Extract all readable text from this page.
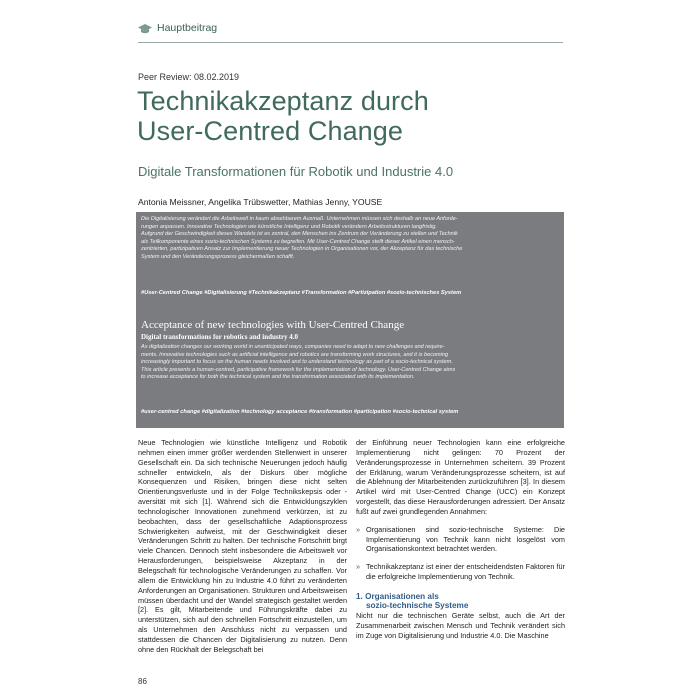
Hauptbeitrag
Peer Review: 08.02.2019
Technikakzeptanz durch
User-Centred Change
Digitale Transformationen für Robotik und Industrie 4.0
Antonia Meissner, Angelika Trübswetter, Mathias Jenny, YOUSE

Die Digitalisierung verändert die Arbeitswelt in kaum absehbarem Ausmaß. Unternehmen müssen sich deshalb an neue Anforde-

rungen anpassen. Innovative Technologien wie künstliche Intelligenz und Robotik verändern Arbeitsstrukturen langfristig.

Aufgrund der Geschwindigkeit dieses Wandels ist es zentral, den Menschen ins Zentrum der Veränderung zu stellen und Technik

als Teilkomponente eines sozio-technischen Systems zu begreifen. Mit User-Centred Change stellt dieser Artikel einen mensch-

zentrierten, partizipativen Ansatz zur Implementierung neuer Technologien in Organisationen vor, der Akzeptanz für das technische

System und den Veränderungsprozess gleichermaßen schafft.

#User-Centred Change #Digitalisierung #Technikakzeptanz #Transformation #Partizipation #sozio-technisches System
Acceptance of new technologies with User-Centred Change
Digital transformations for robotics and industry 4.0

As digitalization changes our working world in unanticipated ways, companies need to adapt to new challenges and require-

ments. Innovative technologies such as artificial intelligence and robotics are transforming work structures, and it is becoming

increasingly important to focus on the human needs involved and to understand technology as part of a socio-technical system.

This article presents a human-centred, participative framework for the implementation of technology. User-Centred Change aims

to increase acceptance for both the technical system and the transformation associated with its implementation.

#user-centred change #digitalization #technology acceptance #transformation #participation #socio-technical system

Neue Technologien wie künstliche Intelligenz und Robotik nehmen einen immer größer werdenden Stellenwert in unserer Gesellschaft ein. Da sich technische Neuerungen jedoch häufig schneller entwickeln, als der Diskurs über mögliche Konsequenzen und Risiken, bringen diese nicht selten Orientierungsverluste und in der Folge Technikskepsis oder -aversität mit sich [1]. Während sich die Entwicklungszyklen technologischer Innovationen zunehmend verkürzen, ist zu beobachten, dass der gesellschaftliche Adaptionsprozess Schwierigkeiten aufweist, mit der Geschwindigkeit dieser Veränderungen Schritt zu halten. Der technische Fortschritt birgt viele Chancen. Dennoch steht insbesondere die Arbeitswelt vor Herausforderungen, beispielsweise Akzeptanz in der Belegschaft für technologische Veränderungen zu schaffen. Vor allem die Entwicklung hin zu Industrie 4.0 führt zu veränderten Anforderungen an Organisationen. Strukturen und Arbeitsweisen müssen überdacht und der Wandel strategisch gestaltet werden [2]. Es gilt, Mitarbeitende und Führungskräfte dabei zu unterstützen, sich auf den schnellen Fortschritt einzustellen, um als Unternehmen den Anschluss nicht zu verpassen und stattdessen die Chancen der Digitalisierung zu nutzen. Denn ohne den Rückhalt der Belegschaft bei

der Einführung neuer Technologien kann eine erfolgreiche Implementierung nicht gelingen: 70 Prozent der Veränderungsprozesse in Unternehmen scheitern. 39 Prozent der Erklärung, warum Veränderungsprozesse scheitern, ist auf die Ablehnung der Mitarbeitenden zurückzuführen [3]. In diesem Artikel wird mit User-Centred Change (UCC) ein Konzept vorgestellt, das diese Herausforderungen adressiert. Der Ansatz fußt auf zwei grundlegenden Annahmen:

» Organisationen sind sozio-technische Systeme: Die Implementierung von Technik kann nicht losgelöst vom Organisationskontext betrachtet werden.

» Technikakzeptanz ist einer der entscheidendsten Faktoren für die erfolgreiche Implementierung von Technik.

1. Organisationen als
sozio-technische Systeme

Nicht nur die technischen Geräte selbst, auch die Art der Zusammenarbeit zwischen Mensch und Technik verändert sich im Zuge von Digitalisierung und Industrie 4.0. Die Maschine

86
